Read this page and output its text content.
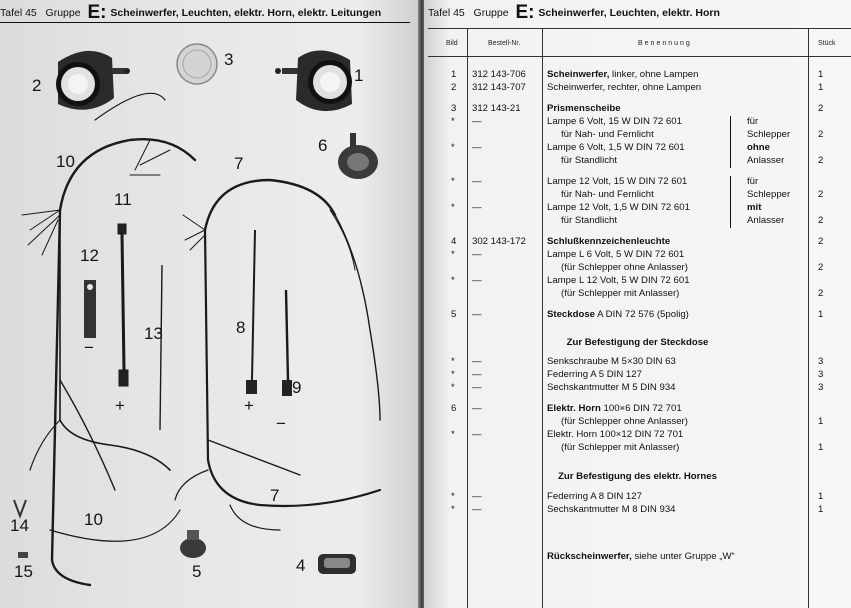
Tafel 45 Gruppe E: Scheinwerfer, Leuchten, elektr. Horn, elektr. Leitungen
2
3
1
6
10	7
11
12
13	8
9
7
10
14
15	5	4
−
+	+
−
Tafel 45 Gruppe E: Scheinwerfer, Leuchten, elektr. Horn
Bild	Bestell-Nr.	Benennung	Stück
1 312 143-706 Scheinwerfer, linker, ohne Lampen	1
2 312 143-707 Scheinwerfer, rechter, ohne Lampen	1
3 312 143-21	Prismenscheibe	2
* —	Lampe 6 Volt, 15 W DIN 72 601	für
für Nah- und Fernlicht	Schlepper	2
* —	Lampe 6 Volt, 1,5 W DIN 72 601	ohne
für Standlicht	Anlasser	2
* —	Lampe 12 Volt, 15 W DIN 72 601	für
für Nah- und Fernlicht	Schlepper	2
* —	Lampe 12 Volt, 1,5 W DIN 72 601	mit
für Standlicht	Anlasser	2
4 302 143-172 Schlußkennzeichenleuchte	2
* —	Lampe L 6 Volt, 5 W DIN 72 601
(für Schlepper ohne Anlasser)	2
* —	Lampe L 12 Volt, 5 W DIN 72 601
(für Schlepper mit Anlasser)	2
5 —	Steckdose A DIN 72 576 (5polig)	1
* —	Senkschraube M 5×30 DIN 63	3
* —	Federring A 5 DIN 127	3
* —	Sechskantmutter M 5 DIN 934	3
6 —	Elektr. Horn 100×6 DIN 72 701
(für Schlepper ohne Anlasser)	1
* —	Elektr. Horn 100×12 DIN 72 701
(für Schlepper mit Anlasser)	1
* —	Federring A 8 DIN 127	1
* —	Sechskantmutter M 8 DIN 934	1
Zur Befestigung der Steckdose
Zur Befestigung des elektr. Hornes
Rückscheinwerfer, siehe unter Gruppe „W“
